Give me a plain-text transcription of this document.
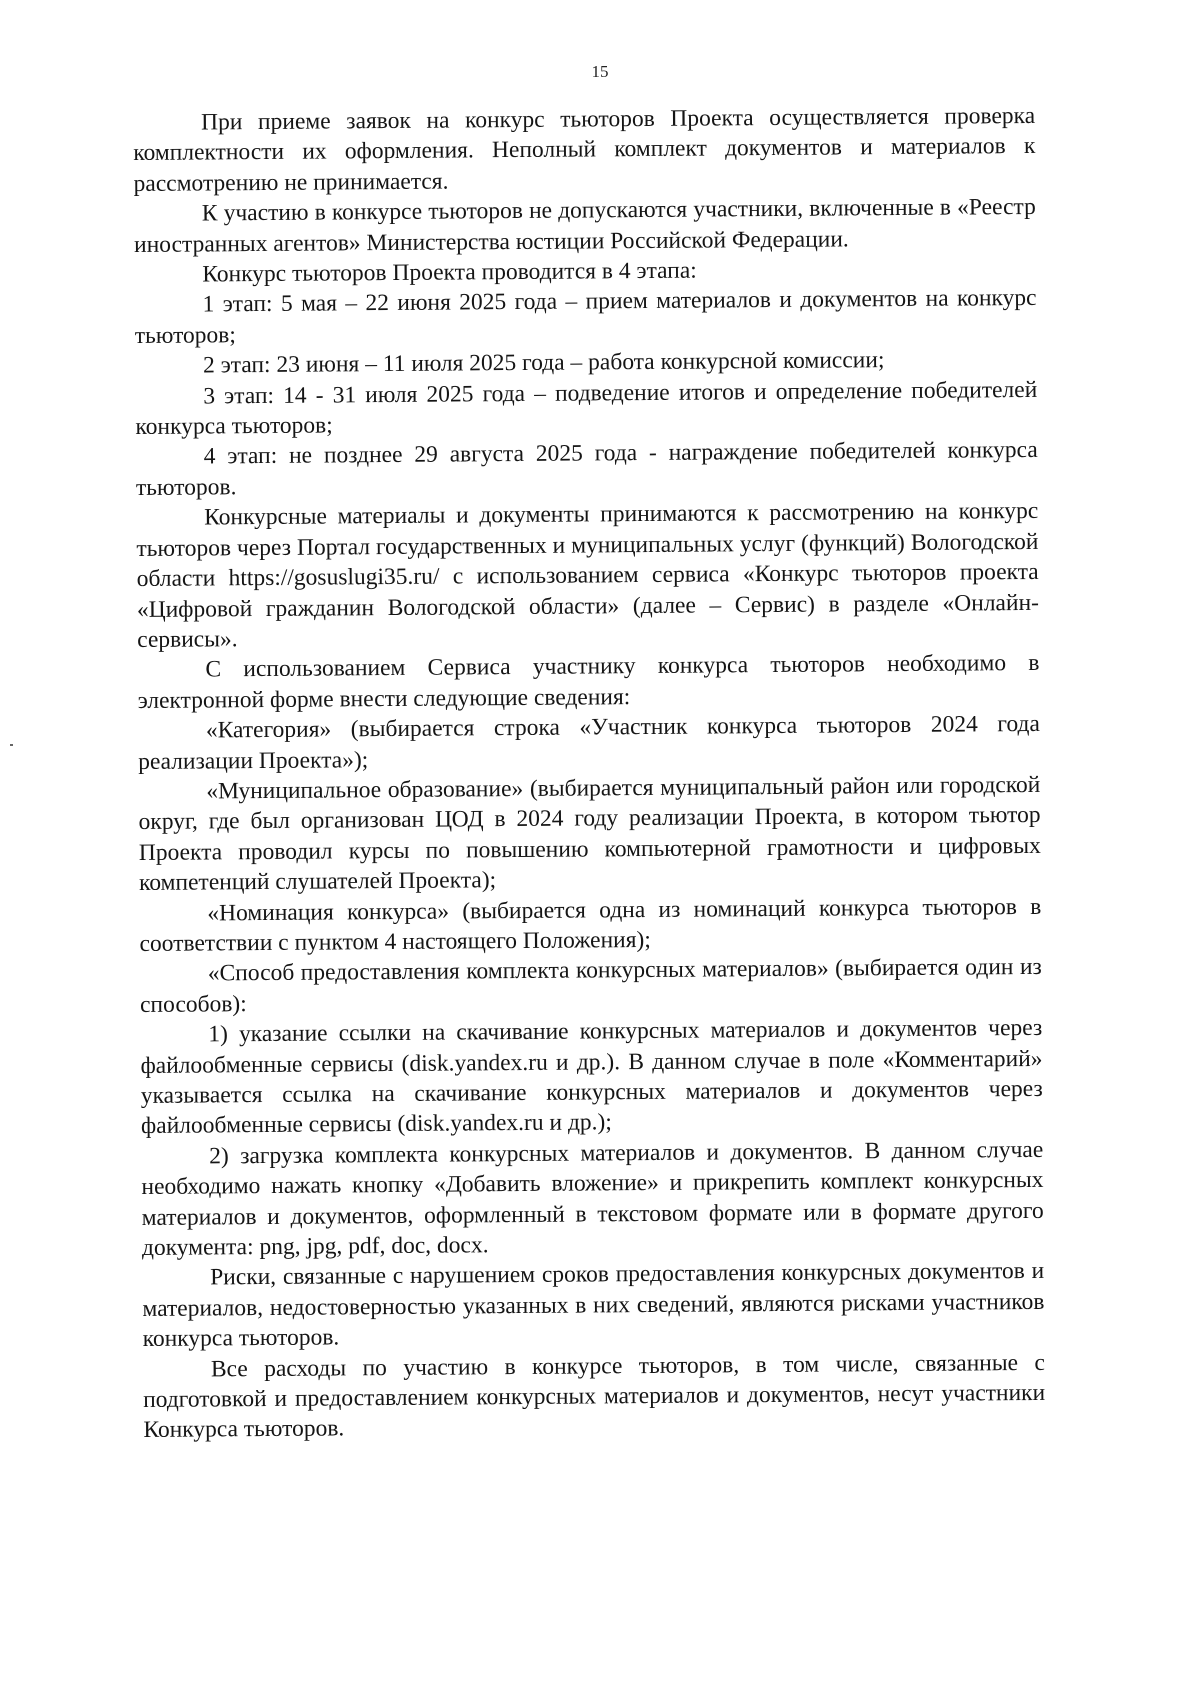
15

При приеме заявок на конкурс тьюторов Проекта осуществляется проверка комплектности их оформления. Неполный комплект документов и материалов к рассмотрению не принимается.

К участию в конкурсе тьюторов не допускаются участники, включенные в «Реестр иностранных агентов» Министерства юстиции Российской Федерации.

Конкурс тьюторов Проекта проводится в 4 этапа:

1 этап: 5 мая – 22 июня 2025 года – прием материалов и документов на конкурс тьюторов;

2 этап: 23 июня – 11 июля 2025 года – работа конкурсной комиссии;

3 этап: 14 - 31 июля 2025 года – подведение итогов и определение победителей конкурса тьюторов;

4 этап: не позднее 29 августа 2025 года - награждение победителей конкурса тьюторов.

Конкурсные материалы и документы принимаются к рассмотрению на конкурс тьюторов через Портал государственных и муниципальных услуг (функций) Вологодской области https://gosuslugi35.ru/ с использованием сервиса «Конкурс тьюторов проекта «Цифровой гражданин Вологодской области» (далее – Сервис) в разделе «Онлайн-сервисы».

С использованием Сервиса участнику конкурса тьюторов необходимо в электронной форме внести следующие сведения:

«Категория» (выбирается строка «Участник конкурса тьюторов 2024 года реализации Проекта»);

«Муниципальное образование» (выбирается муниципальный район или городской округ, где был организован ЦОД в 2024 году реализации Проекта, в котором тьютор Проекта проводил курсы по повышению компьютерной грамотности и цифровых компетенций слушателей Проекта);

«Номинация конкурса» (выбирается одна из номинаций конкурса тьюторов в соответствии с пунктом 4 настоящего Положения);

«Способ предоставления комплекта конкурсных материалов» (выбирается один из способов):

1) указание ссылки на скачивание конкурсных материалов и документов через файлообменные сервисы (disk.yandex.ru и др.). В данном случае в поле «Комментарий» указывается ссылка на скачивание конкурсных материалов и документов через файлообменные сервисы (disk.yandex.ru и др.);

2) загрузка комплекта конкурсных материалов и документов. В данном случае необходимо нажать кнопку «Добавить вложение» и прикрепить комплект конкурсных материалов и документов, оформленный в текстовом формате или в формате другого документа: png, jpg, pdf, doc, docx.

Риски, связанные с нарушением сроков предоставления конкурсных документов и материалов, недостоверностью указанных в них сведений, являются рисками участников конкурса тьюторов.

Все расходы по участию в конкурсе тьюторов, в том числе, связанные с подготовкой и предоставлением конкурсных материалов и документов, несут участники Конкурса тьюторов.
